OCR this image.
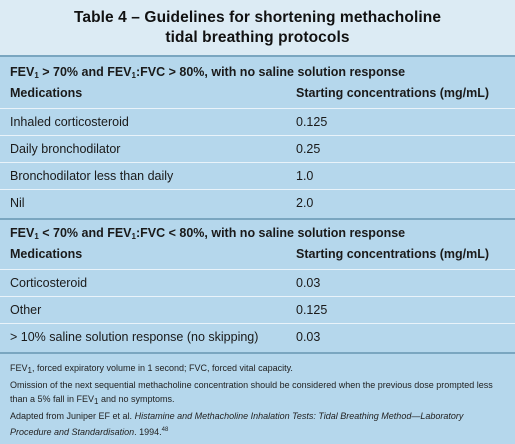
Table 4 – Guidelines for shortening methacholine
tidal breathing protocols
$FEV_1 > 70\%$ and $FEV_1:FVC > 80\%$, with no saline solution response
Medications	Starting concentrations (mg/mL)
Inhaled corticosteroid	0.125
Daily bronchodilator	0.25
Bronchodilator less than daily	1.0
Nil	2.0
$FEV_1 < 70\%$ and $FEV_1:FVC < 80\%$, with no saline solution response
Medications	Starting concentrations (mg/mL)
Corticosteroid	0.03
Other	0.125
> 10% saline solution response (no skipping)	0.03
$FEV_1$, forced expiratory volume in 1 second; FVC, forced vital capacity.
Omission of the next sequential methacholine concentration should be considered when the previous dose prompted less than a 5% fall in $FEV_1$ and no symptoms.
Adapted from Juniper EF et al. Histamine and Methacholine Inhalation Tests: Tidal Breathing Method—Laboratory Procedure and Standardisation. 1994.48
